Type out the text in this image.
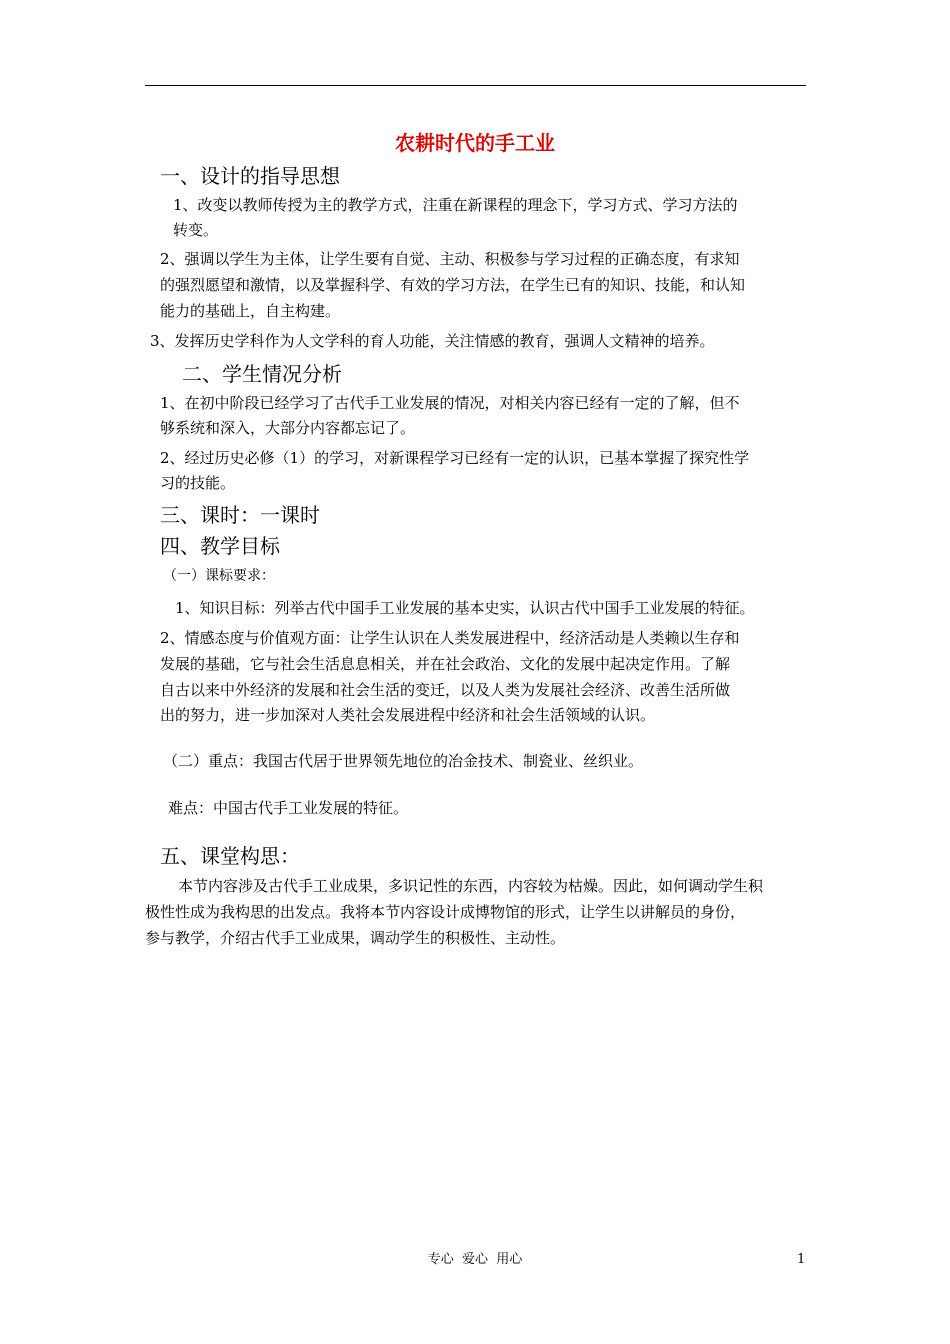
农耕时代的手工业
一、设计的指导思想
1、改变以教师传授为主的教学方式，注重在新课程的理念下，学习方式、学习方法的
转变。
2、强调以学生为主体，让学生要有自觉、主动、积极参与学习过程的正确态度，有求知
的强烈愿望和激情，以及掌握科学、有效的学习方法，在学生已有的知识、技能，和认知
能力的基础上，自主构建。
3、发挥历史学科作为人文学科的育人功能，关注情感的教育，强调人文精神的培养。
二、学生情况分析
1、在初中阶段已经学习了古代手工业发展的情况，对相关内容已经有一定的了解，但不
够系统和深入，大部分内容都忘记了。
2、经过历史必修（1）的学习，对新课程学习已经有一定的认识，已基本掌握了探究性学
习的技能。
三、课时：一课时
四、教学目标
（一）课标要求：
1、知识目标：列举古代中国手工业发展的基本史实，认识古代中国手工业发展的特征。
2、情感态度与价值观方面：让学生认识在人类发展进程中，经济活动是人类赖以生存和
发展的基础，它与社会生活息息相关，并在社会政治、文化的发展中起决定作用。了解
自古以来中外经济的发展和社会生活的变迁，以及人类为发展社会经济、改善生活所做
出的努力，进一步加深对人类社会发展进程中经济和社会生活领域的认识。
（二）重点：我国古代居于世界领先地位的冶金技术、制瓷业、丝织业。
难点：中国古代手工业发展的特征。
五、课堂构思：
本节内容涉及古代手工业成果，多识记性的东西，内容较为枯燥。因此，如何调动学生积
极性性成为我构思的出发点。我将本节内容设计成博物馆的形式，让学生以讲解员的身份，
参与教学，介绍古代手工业成果，调动学生的积极性、主动性。
专心  爱心  用心	1
